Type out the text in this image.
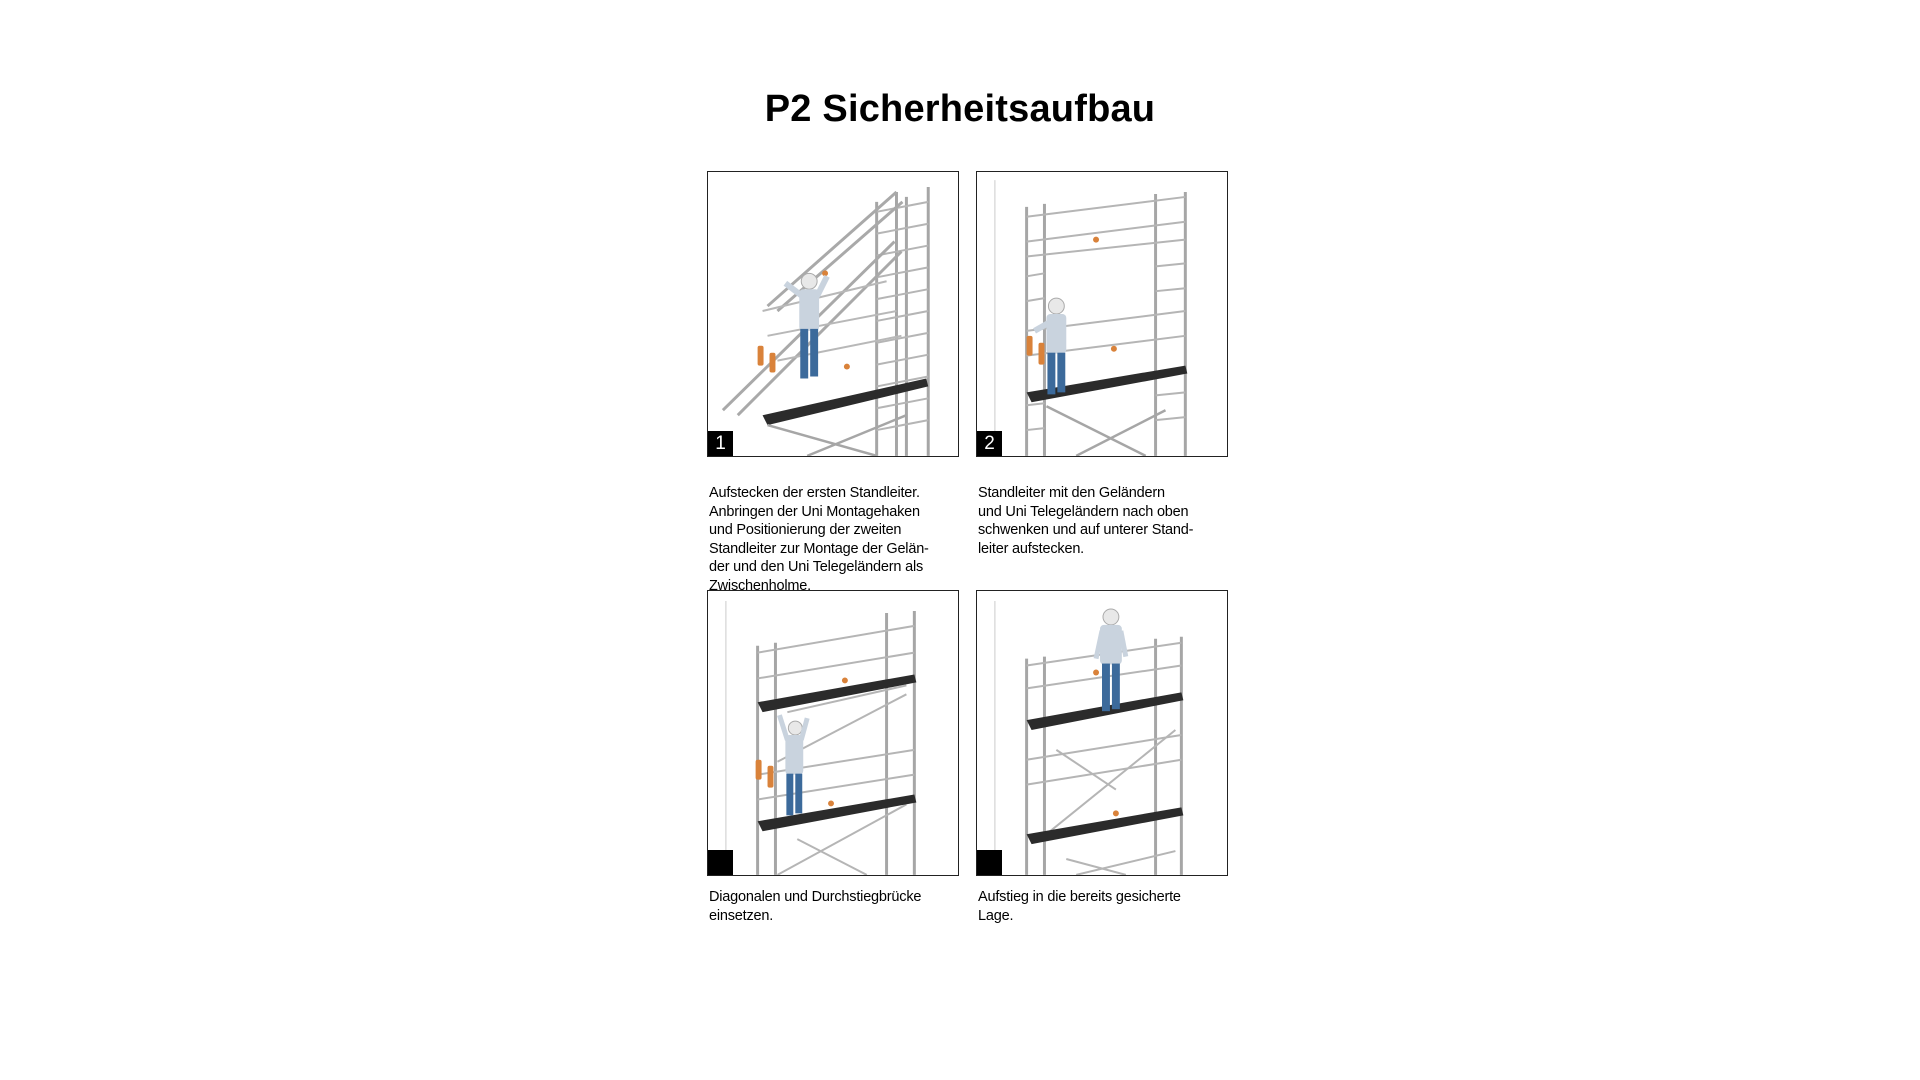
P2 Sicherheitsaufbau
1	2
Aufstecken der ersten Standleiter.
Anbringen der Uni Montagehaken
und Positionierung der zweiten
Standleiter zur Montage der Gelän-
der und den Uni Telegeländern als
Zwischenholme.
Standleiter mit den Geländern
und Uni Telegeländern nach oben
schwenken und auf unterer Stand-
leiter aufstecken.
Diagonalen und Durchstiegbrücke
einsetzen.
Aufstieg in die bereits gesicherte
Lage.
